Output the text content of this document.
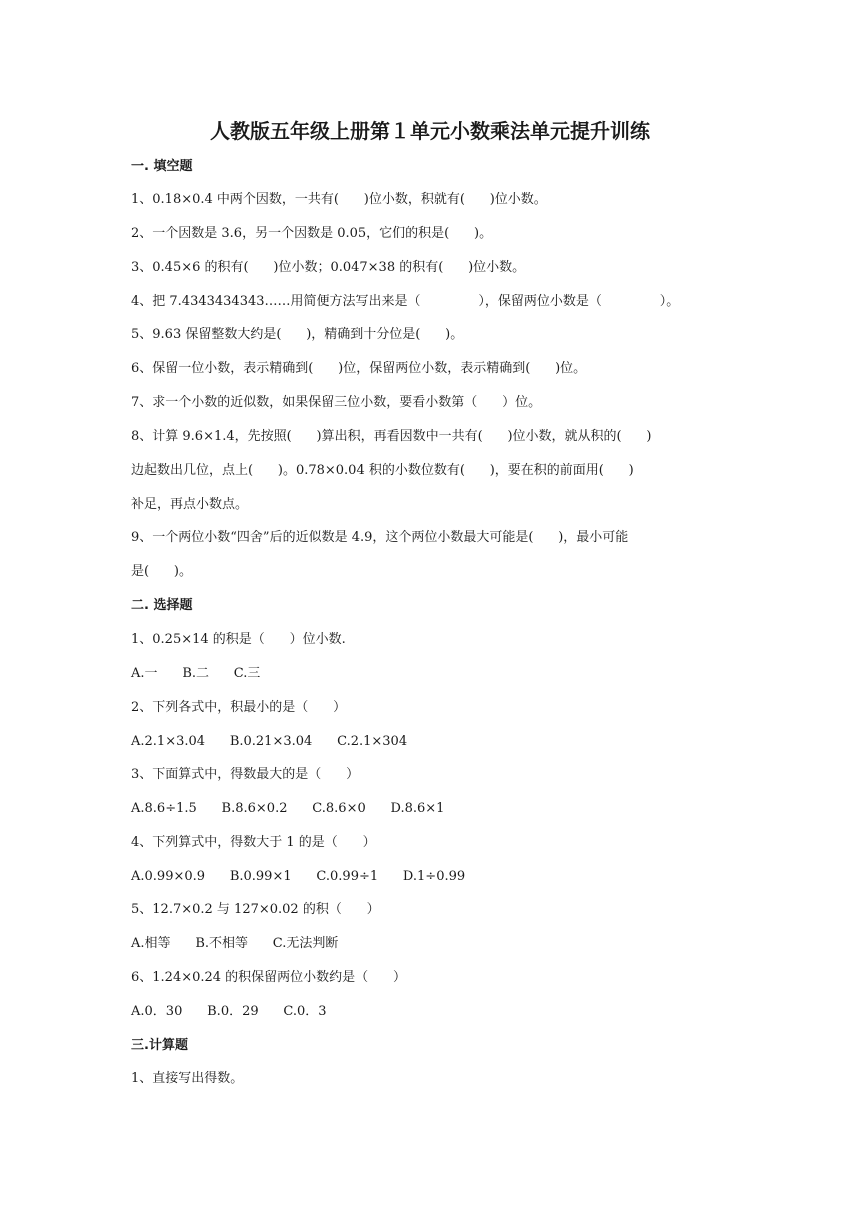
人教版五年级上册第１单元小数乘法单元提升训练
一. 填空题
1、0.18×0.4 中两个因数，一共有(      )位小数，积就有(      )位小数。
2、一个因数是 3.6，另一个因数是 0.05，它们的积是(      )。
3、0.45×6 的积有(      )位小数；0.047×38 的积有(      )位小数。
4、把 7.4343434343……用简便方法写出来是（              ），保留两位小数是（              ）。
5、9.63 保留整数大约是(      )，精确到十分位是(      )。
6、保留一位小数，表示精确到(      )位，保留两位小数，表示精确到(      )位。
7、求一个小数的近似数，如果保留三位小数，要看小数第（      ）位。
8、计算 9.6×1.4，先按照(      )算出积，再看因数中一共有(      )位小数，就从积的(      )
边起数出几位，点上(      )。0.78×0.04 积的小数位数有(      )，要在积的前面用(      )
补足，再点小数点。
9、一个两位小数“四舍”后的近似数是 4.9，这个两位小数最大可能是(      )，最小可能
是(      )。
二. 选择题
1、0.25×14 的积是（      ）位小数.
A.一      B.二      C.三
2、下列各式中，积最小的是（      ）
A.2.1×3.04      B.0.21×3.04      C.2.1×304
3、下面算式中，得数最大的是（      ）
A.8.6÷1.5      B.8.6×0.2      C.8.6×0      D.8.6×1
4、下列算式中，得数大于 1 的是（      ）
A.0.99×0.9      B.0.99×1      C.0.99÷1      D.1÷0.99
5、12.7×0.2 与 127×0.02 的积（      ）
A.相等      B.不相等      C.无法判断
6、1.24×0.24 的积保留两位小数约是（      ）
A.0．30      B.0．29      C.0．3
三.计算题
1、直接写出得数。
